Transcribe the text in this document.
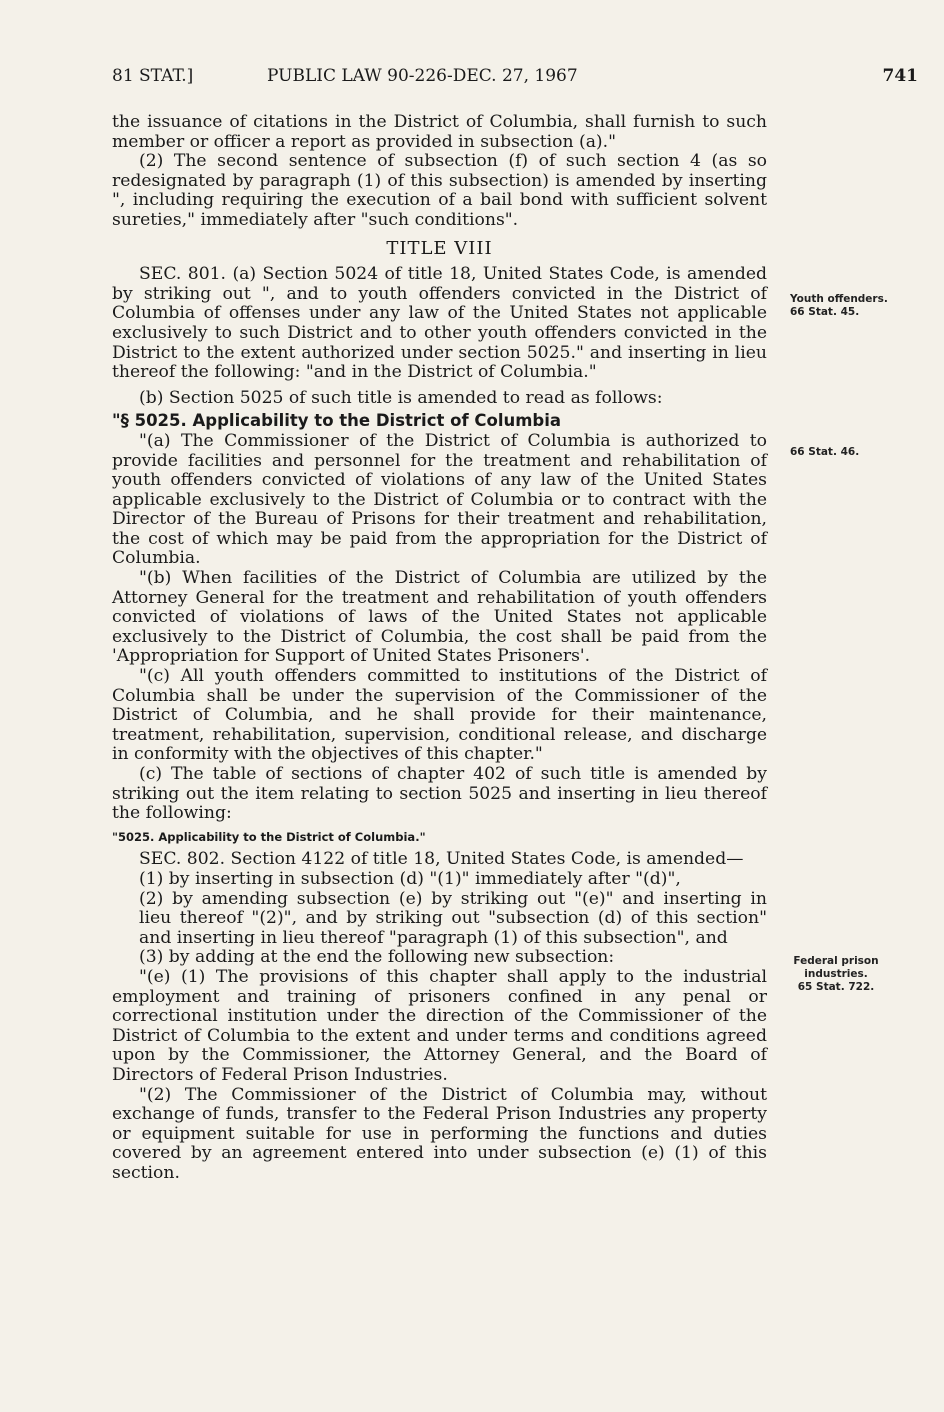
81 STAT.]	PUBLIC LAW 90-226-DEC. 27, 1967	741

the issuance of citations in the District of Columbia, shall furnish to such member or officer a report as provided in subsection (a)."

(2) The second sentence of subsection (f) of such section 4 (as so redesignated by paragraph (1) of this subsection) is amended by inserting ", including requiring the execution of a bail bond with sufficient solvent sureties," immediately after "such conditions".

TITLE VIII

SEC. 801. (a) Section 5024 of title 18, United States Code, is amended by striking out ", and to youth offenders convicted in the District of Columbia of offenses under any law of the United States not applicable exclusively to such District and to other youth offenders convicted in the District to the extent authorized under section 5025." and inserting in lieu thereof the following: "and in the District of Columbia."

(b) Section 5025 of such title is amended to read as follows:

"§ 5025. Applicability to the District of Columbia

"(a) The Commissioner of the District of Columbia is authorized to provide facilities and personnel for the treatment and rehabilitation of youth offenders convicted of violations of any law of the United States applicable exclusively to the District of Columbia or to contract with the Director of the Bureau of Prisons for their treatment and rehabilitation, the cost of which may be paid from the appropriation for the District of Columbia.

"(b) When facilities of the District of Columbia are utilized by the Attorney General for the treatment and rehabilitation of youth offenders convicted of violations of laws of the United States not applicable exclusively to the District of Columbia, the cost shall be paid from the 'Appropriation for Support of United States Prisoners'.

"(c) All youth offenders committed to institutions of the District of Columbia shall be under the supervision of the Commissioner of the District of Columbia, and he shall provide for their maintenance, treatment, rehabilitation, supervision, conditional release, and discharge in conformity with the objectives of this chapter."

(c) The table of sections of chapter 402 of such title is amended by striking out the item relating to section 5025 and inserting in lieu thereof the following:

"5025. Applicability to the District of Columbia."

SEC. 802. Section 4122 of title 18, United States Code, is amended—

(1) by inserting in subsection (d) "(1)" immediately after "(d)",

(2) by amending subsection (e) by striking out "(e)" and inserting in lieu thereof "(2)", and by striking out "subsection (d) of this section" and inserting in lieu thereof "paragraph (1) of this subsection", and

(3) by adding at the end the following new subsection:

"(e) (1) The provisions of this chapter shall apply to the industrial employment and training of prisoners confined in any penal or correctional institution under the direction of the Commissioner of the District of Columbia to the extent and under terms and conditions agreed upon by the Commissioner, the Attorney General, and the Board of Directors of Federal Prison Industries.

"(2) The Commissioner of the District of Columbia may, without exchange of funds, transfer to the Federal Prison Industries any property or equipment suitable for use in performing the functions and duties covered by an agreement entered into under subsection (e) (1) of this section.

Youth offenders.
66 Stat. 45.
66 Stat. 46.
Federal prison
industries.
65 Stat. 722.
